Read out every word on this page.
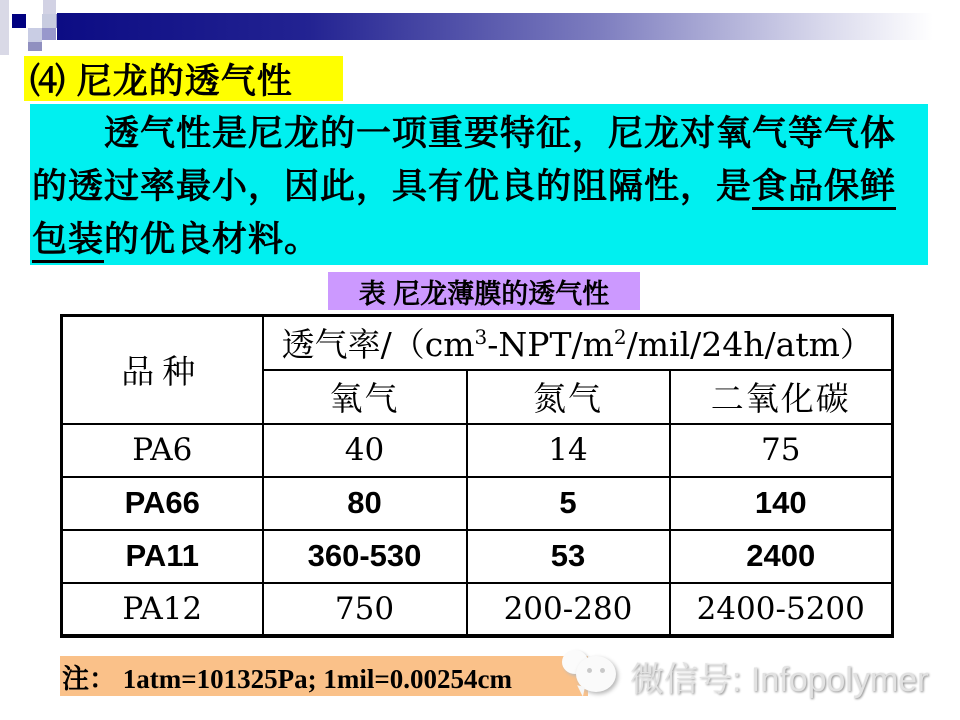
⑷ 尼龙的透气性
　　透气性是尼龙的一项重要特征，尼龙对氧气等气体
的透过率最小，因此，具有优良的阻隔性，是食品保鲜
包装的优良材料。
表 尼龙薄膜的透气性
品种	透气率$/(cm^3-NPT/m^2/mil/24h/atm)$		
	氧气	氮气	二氧化碳
PA6	40	14	75
PA66	80	5	140
PA11	360-530	53	2400
PA12	750	200-280	2400-5200
注： 1atm=101325Pa; 1mil=0.00254cm	微信号: Infopolymer
